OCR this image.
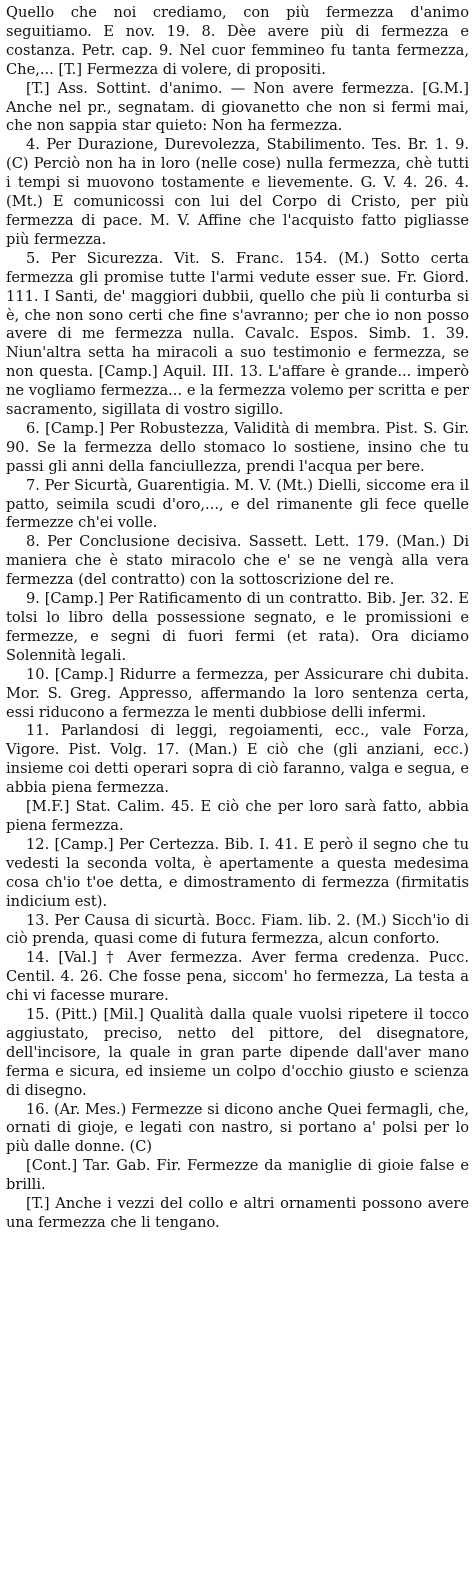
Quello che noi crediamo, con più fermezza d'animo seguitiamo. E nov. 19. 8. Dèe avere più di fermezza e costanza. Petr. cap. 9. Nel cuor femmineo fu tanta fermezza, Che,... [T.] Fermezza di volere, di propositi.

[T.] Ass. Sottint. d'animo. — Non avere fermezza. [G.M.] Anche nel pr., segnatam. di giovanetto che non si fermi mai, che non sappia star quieto: Non ha fermezza.

4. Per Durazione, Durevolezza, Stabilimento. Tes. Br. 1. 9. (C) Perciò non ha in loro (nelle cose) nulla fermezza, chè tutti i tempi si muovono tostamente e lievemente. G. V. 4. 26. 4. (Mt.) E comunicossi con lui del Corpo di Cristo, per più fermezza di pace. M. V. Affine che l'acquisto fatto pigliasse più fermezza.

5. Per Sicurezza. Vit. S. Franc. 154. (M.) Sotto certa fermezza gli promise tutte l'armi vedute esser sue. Fr. Giord. 111. I Santi, de' maggiori dubbii, quello che più li conturba si è, che non sono certi che fine s'avranno; per che io non posso avere di me fermezza nulla. Cavalc. Espos. Simb. 1. 39. Niun'altra setta ha miracoli a suo testimonio e fermezza, se non questa. [Camp.] Aquil. III. 13. L'affare è grande... imperò ne vogliamo fermezza... e la fermezza volemo per scritta e per sacramento, sigillata di vostro sigillo.

6. [Camp.] Per Robustezza, Validità di membra. Pist. S. Gir. 90. Se la fermezza dello stomaco lo sostiene, insino che tu passi gli anni della fanciullezza, prendi l'acqua per bere.

7. Per Sicurtà, Guarentigia. M. V. (Mt.) Dielli, siccome era il patto, seimila scudi d'oro,..., e del rimanente gli fece quelle fermezze ch'ei volle.

8. Per Conclusione decisiva. Sassett. Lett. 179. (Man.) Di maniera che è stato miracolo che e' se ne vengà alla vera fermezza (del contratto) con la sottoscrizione del re.

9. [Camp.] Per Ratificamento di un contratto. Bib. Jer. 32. E tolsi lo libro della possessione segnato, e le promissioni e fermezze, e segni di fuori fermi (et rata). Ora diciamo Solennità legali.

10. [Camp.] Ridurre a fermezza, per Assicurare chi dubita. Mor. S. Greg. Appresso, affermando la loro sentenza certa, essi riducono a fermezza le menti dubbiose delli infermi.

11. Parlandosi di leggi, regoiamenti, ecc., vale Forza, Vigore. Pist. Volg. 17. (Man.) E ciò che (gli anziani, ecc.) insieme coi detti operari sopra di ciò faranno, valga e segua, e abbia piena fermezza.

[M.F.] Stat. Calim. 45. E ciò che per loro sarà fatto, abbia piena fermezza.

12. [Camp.] Per Certezza. Bib. I. 41. E però il segno che tu vedesti la seconda volta, è apertamente a questa medesima cosa ch'io t'oe detta, e dimostramento di fermezza (firmitatis indicium est).

13. Per Causa di sicurtà. Bocc. Fiam. lib. 2. (M.) Sicch'io di ciò prenda, quasi come di futura fermezza, alcun conforto.

14. [Val.] † Aver fermezza. Aver ferma credenza. Pucc. Centil. 4. 26. Che fosse pena, siccom' ho fermezza, La testa a chi vi facesse murare.

15. (Pitt.) [Mil.] Qualità dalla quale vuolsi ripetere il tocco aggiustato, preciso, netto del pittore, del disegnatore, dell'incisore, la quale in gran parte dipende dall'aver mano ferma e sicura, ed insieme un colpo d'occhio giusto e scienza di disegno.

16. (Ar. Mes.) Fermezze si dicono anche Quei fermagli, che, ornati di gioje, e legati con nastro, si portano a' polsi per lo più dalle donne. (C)

[Cont.] Tar. Gab. Fir. Fermezze da maniglie di gioie false e brilli.

[T.] Anche i vezzi del collo e altri ornamenti possono avere una fermezza che li tengano.
